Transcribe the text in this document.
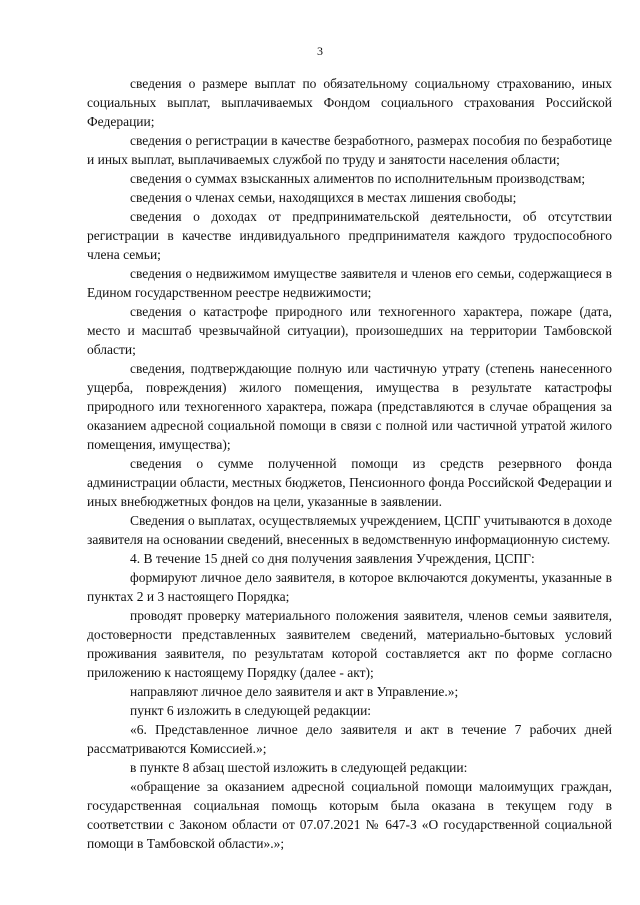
3

сведения о размере выплат по обязательному социальному страхованию, иных социальных выплат, выплачиваемых Фондом социального страхования Российской Федерации;

сведения о регистрации в качестве безработного, размерах пособия по безработице и иных выплат, выплачиваемых службой по труду и занятости населения области;

сведения о суммах взысканных алиментов по исполнительным производствам;

сведения о членах семьи, находящихся в местах лишения свободы;

сведения о доходах от предпринимательской деятельности, об отсутствии регистрации в качестве индивидуального предпринимателя каждого трудоспособного члена семьи;

сведения о недвижимом имуществе заявителя и членов его семьи, содержащиеся в Едином государственном реестре недвижимости;

сведения о катастрофе природного или техногенного характера, пожаре (дата, место и масштаб чрезвычайной ситуации), произошедших на территории Тамбовской области;

сведения, подтверждающие полную или частичную утрату (степень нанесенного ущерба, повреждения) жилого помещения, имущества в результате катастрофы природного или техногенного характера, пожара (представляются в случае обращения за оказанием адресной социальной помощи в связи с полной или частичной утратой жилого помещения, имущества);

сведения о сумме полученной помощи из средств резервного фонда администрации области, местных бюджетов, Пенсионного фонда Российской Федерации и иных внебюджетных фондов на цели, указанные в заявлении.

Сведения о выплатах, осуществляемых учреждением, ЦСПГ учитываются в доходе заявителя на основании сведений, внесенных в ведомственную информационную систему.

4. В течение 15 дней со дня получения заявления Учреждения, ЦСПГ:

формируют личное дело заявителя, в которое включаются документы, указанные в пунктах 2 и 3 настоящего Порядка;

проводят проверку материального положения заявителя, членов семьи заявителя, достоверности представленных заявителем сведений, материально-бытовых условий проживания заявителя, по результатам которой составляется акт по форме согласно приложению к настоящему Порядку (далее - акт);

направляют личное дело заявителя и акт в Управление.»;

пункт 6 изложить в следующей редакции:

«6. Представленное личное дело заявителя и акт в течение 7 рабочих дней рассматриваются Комиссией.»;

в пункте 8 абзац шестой изложить в следующей редакции:

«обращение за оказанием адресной социальной помощи малоимущих граждан, государственная социальная помощь которым была оказана в текущем году в соответствии с Законом области от 07.07.2021 № 647-З «О государственной социальной помощи в Тамбовской области».»;
